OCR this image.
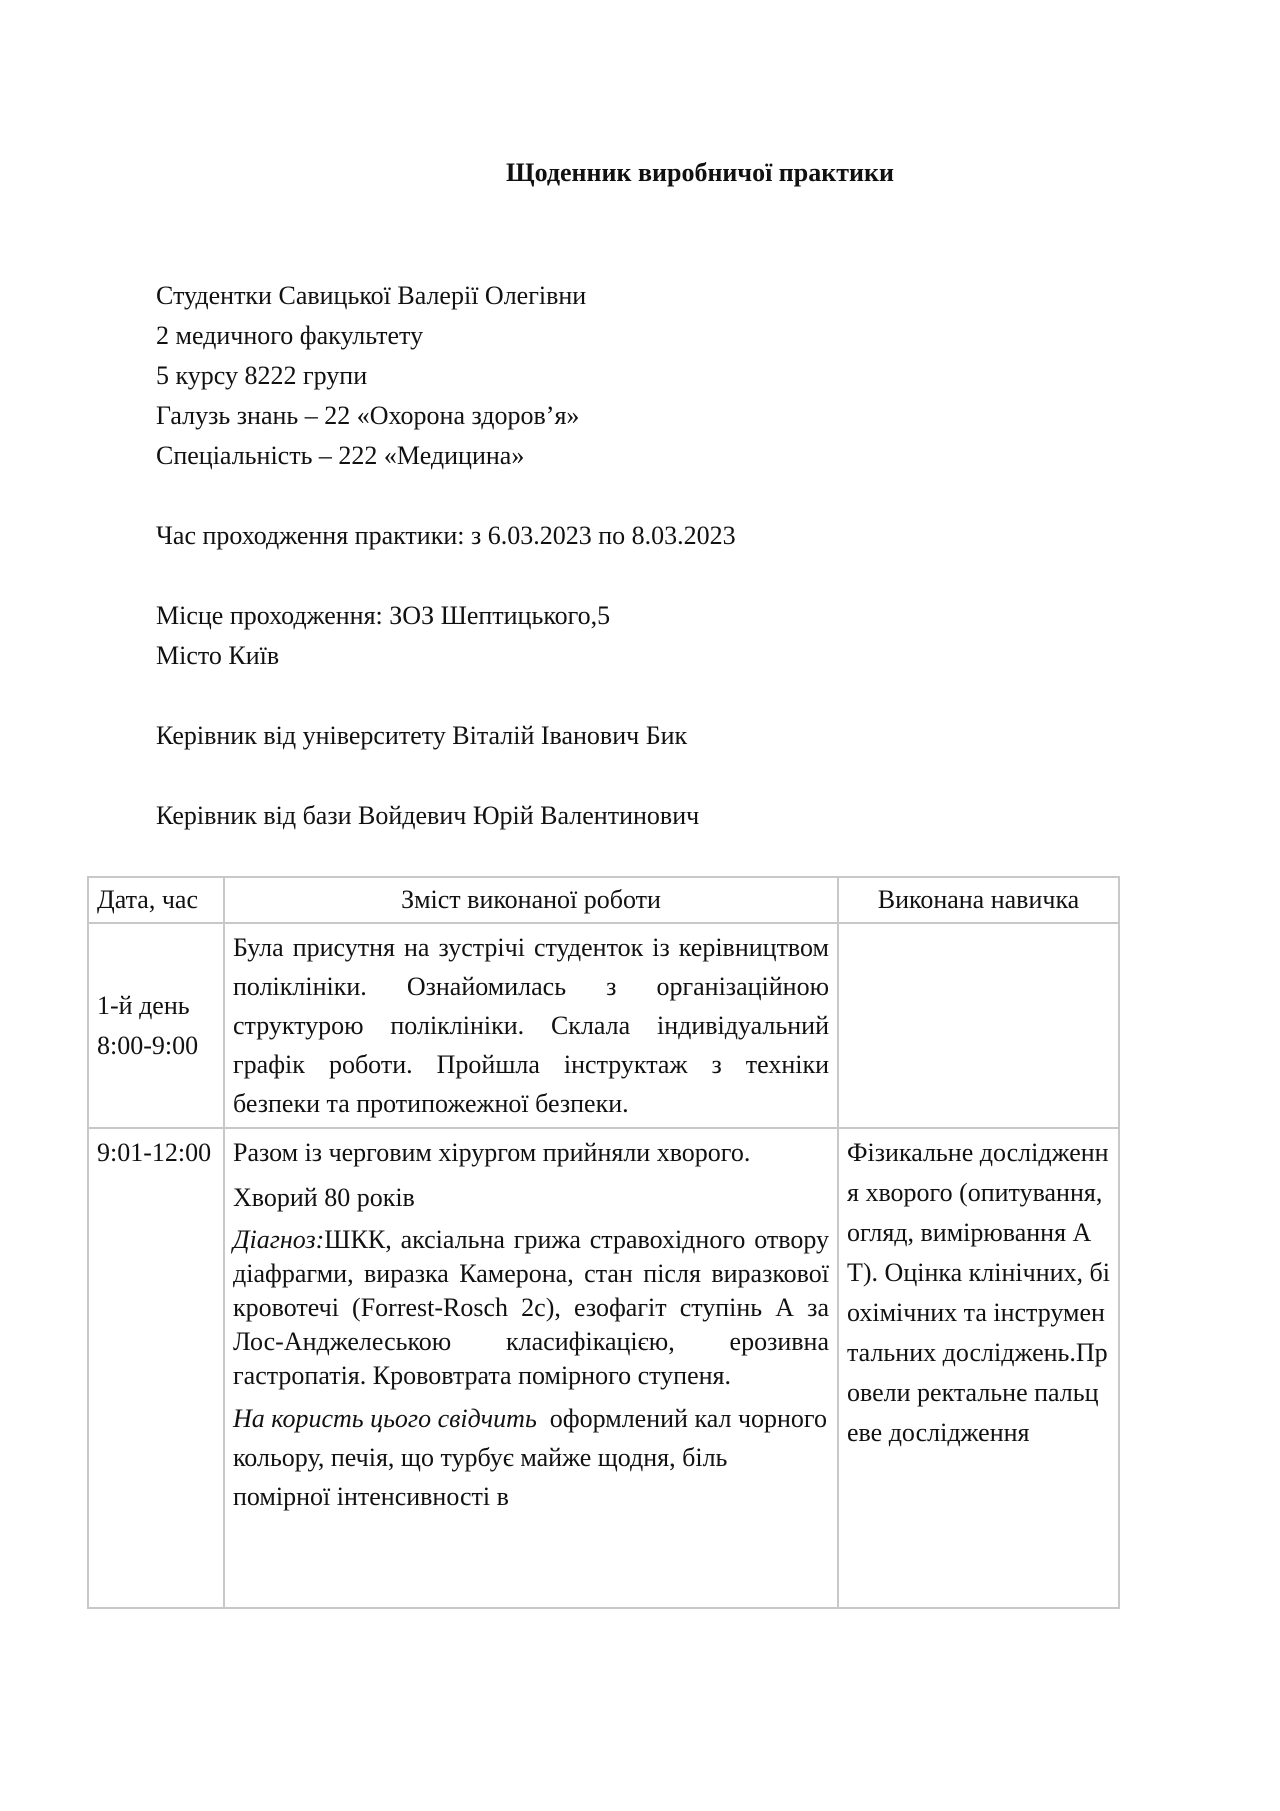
Щоденник виробничої практики
Студентки Савицької Валерії Олегівни
2 медичного факультету
5 курсу 8222 групи
Галузь знань – 22 «Охорона здоров’я»
Спеціальність – 222 «Медицина»
Час проходження практики: з 6.03.2023 по 8.03.2023
Місце проходження: ЗОЗ Шептицького,5
Місто Київ
Керівник від університету Віталій Іванович Бик
Керівник від бази Войдевич Юрій Валентинович
Дата, час	Зміст виконаної роботи	Виконана навичка
1-й день 8:00-9:00	Була присутня на зустрічі студенток із керівництвом поліклініки. Ознайомилась з організаційною структурою поліклініки. Склала індивідуальний графік роботи. Пройшла інструктаж з техніки безпеки та протипожежної безпеки.	
9:01-12:00	Разом із черговим хірургом прийняли хворого.
Хворий 80 років
Діагноз:ШКК, аксіальна грижа стравохідного отвору діафрагми, виразка Камерона, стан після виразкової кровотечі (Forrest-Rosch 2c), езофагіт ступінь А за Лос-Анджелеською класифікацією, ерозивна гастропатія. Крововтрата помірного ступеня.
На користь цього свідчить  оформлений кал чорного кольору, печія, що турбує майже щодня, біль помірної інтенсивності в	Фізикальне дослідження хворого (опитування, огляд, вимірювання АТ). Оцінка клінічних, біохімічних та інструментальних досліджень.Провели ректальне пальцеве дослідження
